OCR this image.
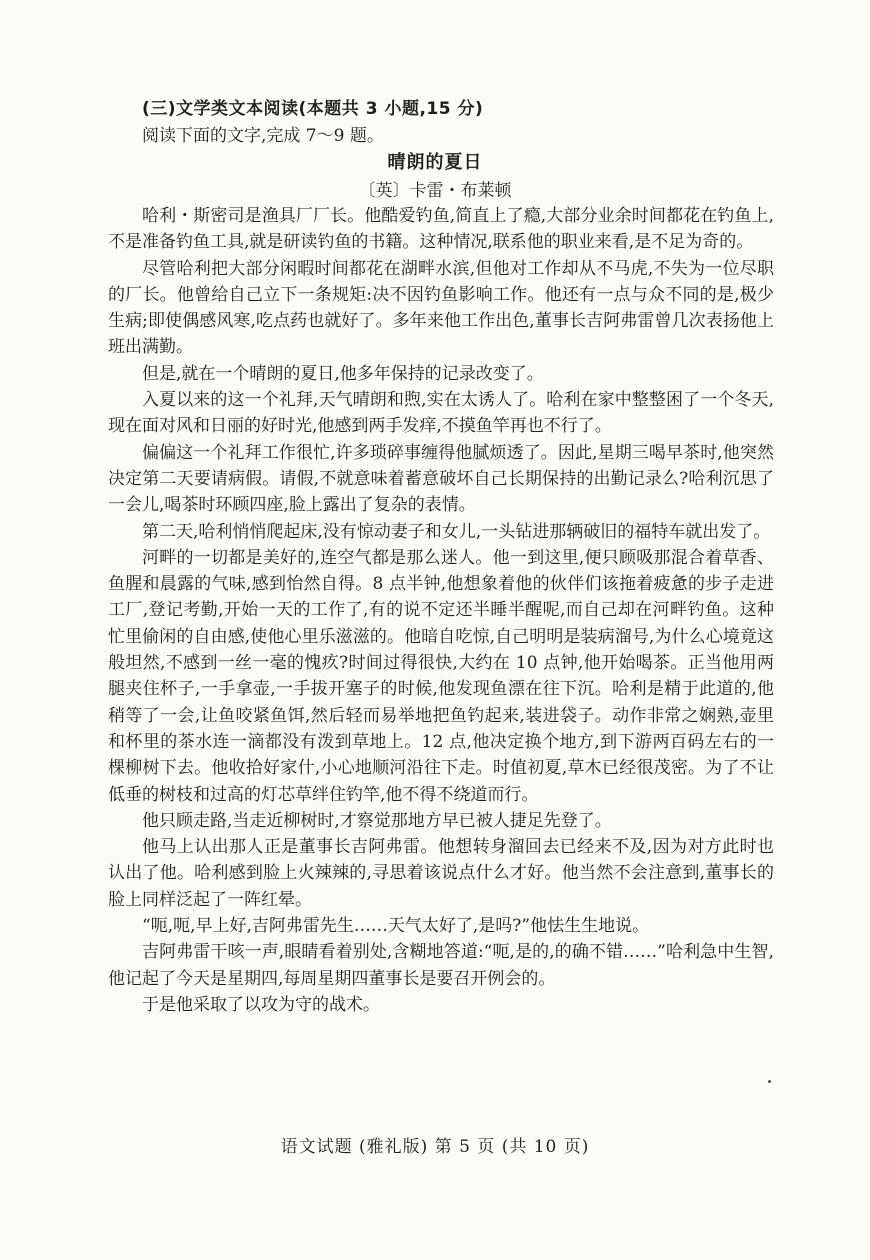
(三)文学类文本阅读(本题共 3 小题,15 分)
阅读下面的文字,完成 7～9 题。
晴朗的夏日
〔英〕卡雷・布莱顿

哈利・斯密司是渔具厂厂长。他酷爱钓鱼,简直上了瘾,大部分业余时间都花在钓鱼上,不是准备钓鱼工具,就是研读钓鱼的书籍。这种情况,联系他的职业来看,是不足为奇的。

尽管哈利把大部分闲暇时间都花在湖畔水滨,但他对工作却从不马虎,不失为一位尽职的厂长。他曾给自己立下一条规矩:决不因钓鱼影响工作。他还有一点与众不同的是,极少生病;即使偶感风寒,吃点药也就好了。多年来他工作出色,董事长吉阿弗雷曾几次表扬他上班出满勤。

但是,就在一个晴朗的夏日,他多年保持的记录改变了。

入夏以来的这一个礼拜,天气晴朗和煦,实在太诱人了。哈利在家中整整困了一个冬天,现在面对风和日丽的好时光,他感到两手发痒,不摸鱼竿再也不行了。

偏偏这一个礼拜工作很忙,许多琐碎事缠得他腻烦透了。因此,星期三喝早茶时,他突然决定第二天要请病假。请假,不就意味着蓄意破坏自己长期保持的出勤记录么?哈利沉思了一会儿,喝茶时环顾四座,脸上露出了复杂的表情。

第二天,哈利悄悄爬起床,没有惊动妻子和女儿,一头钻进那辆破旧的福特车就出发了。

河畔的一切都是美好的,连空气都是那么迷人。他一到这里,便只顾吸那混合着草香、鱼腥和晨露的气味,感到怡然自得。8 点半钟,他想象着他的伙伴们该拖着疲惫的步子走进工厂,登记考勤,开始一天的工作了,有的说不定还半睡半醒呢,而自己却在河畔钓鱼。这种忙里偷闲的自由感,使他心里乐滋滋的。他暗自吃惊,自己明明是装病溜号,为什么心境竟这般坦然,不感到一丝一毫的愧疚?时间过得很快,大约在 10 点钟,他开始喝茶。正当他用两腿夹住杯子,一手拿壶,一手拔开塞子的时候,他发现鱼漂在往下沉。哈利是精于此道的,他稍等了一会,让鱼咬紧鱼饵,然后轻而易举地把鱼钓起来,装进袋子。动作非常之娴熟,壶里和杯里的茶水连一滴都没有泼到草地上。12 点,他决定换个地方,到下游两百码左右的一棵柳树下去。他收拾好家什,小心地顺河沿往下走。时值初夏,草木已经很茂密。为了不让低垂的树枝和过高的灯芯草绊住钓竿,他不得不绕道而行。

他只顾走路,当走近柳树时,才察觉那地方早已被人捷足先登了。

他马上认出那人正是董事长吉阿弗雷。他想转身溜回去已经来不及,因为对方此时也认出了他。哈利感到脸上火辣辣的,寻思着该说点什么才好。他当然不会注意到,董事长的脸上同样泛起了一阵红晕。

“呃,呃,早上好,吉阿弗雷先生……天气太好了,是吗?”他怯生生地说。

吉阿弗雷干咳一声,眼睛看着别处,含糊地答道:“呃,是的,的确不错……”哈利急中生智,他记起了今天是星期四,每周星期四董事长是要召开例会的。

于是他采取了以攻为守的战术。

语文试题 (雅礼版) 第 5 页 (共 10 页)
